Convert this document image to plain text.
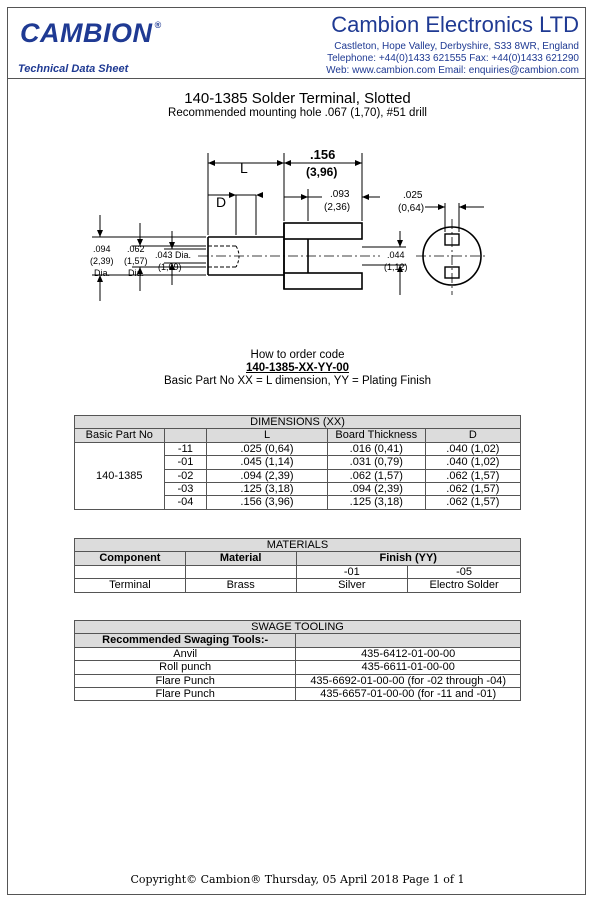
CAMBION ®
Technical Data Sheet
Cambion Electronics LTD
Castleton, Hope Valley, Derbyshire, S33 8WR, England
Telephone: +44(0)1433 621555 Fax: +44(0)1433 621290
Web: www.cambion.com Email: enquiries@cambion.com
140-1385 Solder Terminal, Slotted
Recommended mounting hole .067 (1,70), #51 drill
L
D
.156
(3,96)
.093
(2,36)
.025
(0,64)
.094
(2,39)
Dia.
.062
(1,57)
Dia.
.043 Dia.
(1,09)
.044
(1,12)
How to order code
140-1385-XX-YY-00
Basic Part No XX = L dimension, YY = Plating Finish
DIMENSIONS (XX)				
Basic Part No		L	Board Thickness	D
140-1385	-11	.025 (0,64)	.016 (0,41)	.040 (1,02)
	-01	.045 (1,14)	.031 (0,79)	.040 (1,02)
	-02	.094 (2,39)	.062 (1,57)	.062 (1,57)
	-03	.125 (3,18)	.094 (2,39)	.062 (1,57)
	-04	.156 (3,96)	.125 (3,18)	.062 (1,57)
MATERIALS			
Component	Material	Finish (YY)	
		-01	-05
Terminal	Brass	Silver	Electro Solder
SWAGE TOOLING	
Recommended Swaging Tools:-	
Anvil	435-6412-01-00-00
Roll punch	435-6611-01-00-00
Flare Punch	435-6692-01-00-00 (for -02 through -04)
Flare Punch	435-6657-01-00-00 (for -11 and -01)
Copyright© Cambion® Thursday, 05 April 2018 Page 1 of 1
